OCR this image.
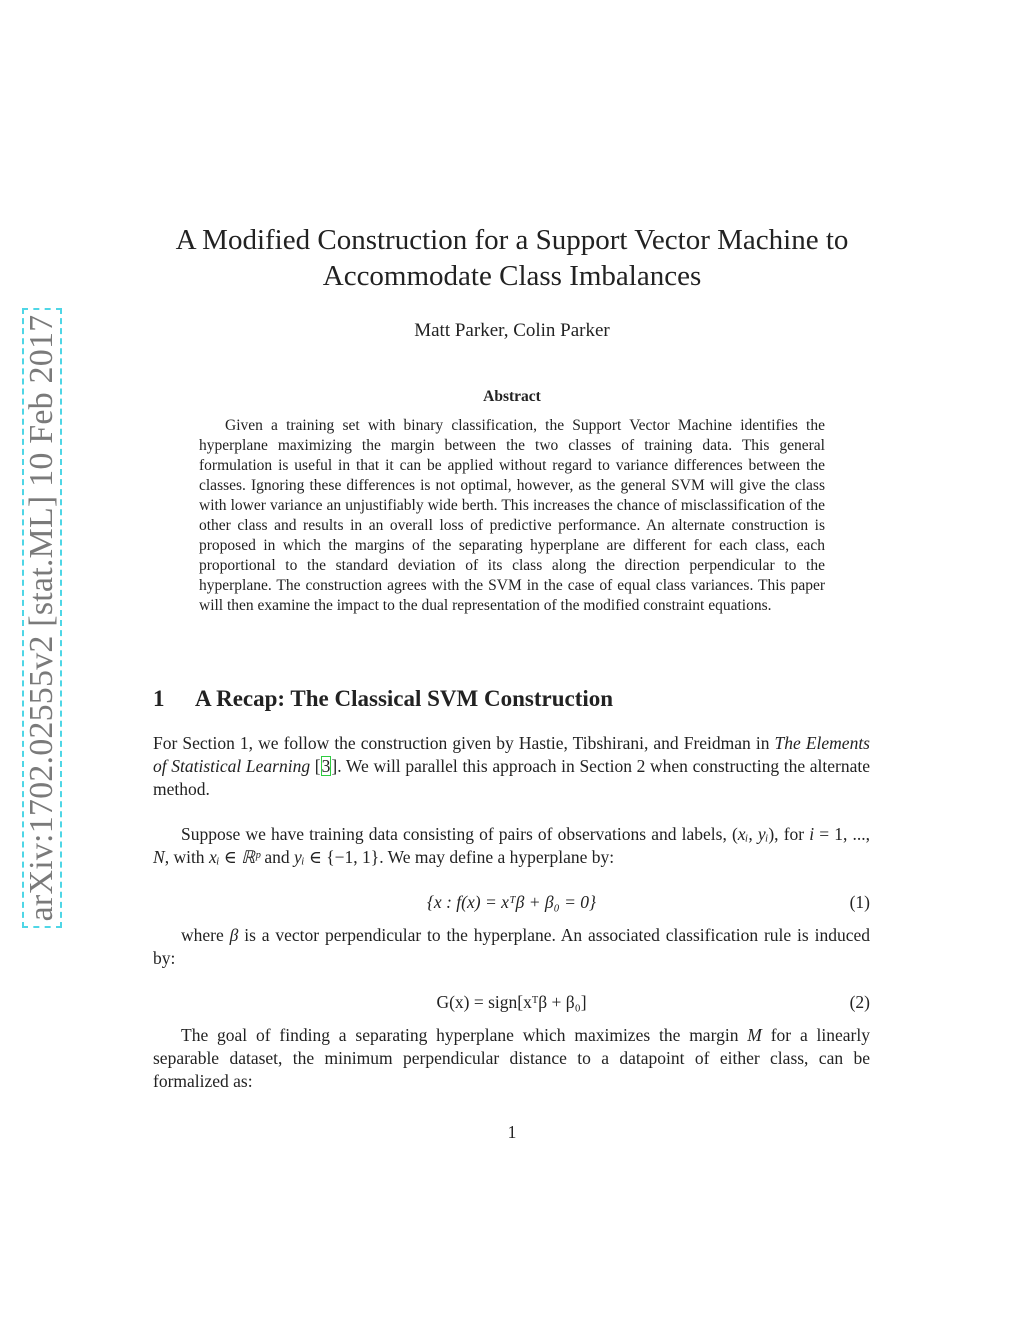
arXiv:1702.02555v2 [stat.ML] 10 Feb 2017
A Modified Construction for a Support Vector Machine to
Accommodate Class Imbalances
Matt Parker, Colin Parker
Abstract

Given a training set with binary classification, the Support Vector Machine identifies the hyperplane maximizing the margin between the two classes of training data. This general formulation is useful in that it can be applied without regard to variance differences between the classes. Ignoring these differences is not optimal, however, as the general SVM will give the class with lower variance an unjustifiably wide berth. This increases the chance of misclassification of the other class and results in an overall loss of predictive performance. An alternate construction is proposed in which the margins of the separating hyperplane are different for each class, each proportional to the standard deviation of its class along the direction perpendicular to the hyperplane. The construction agrees with the SVM in the case of equal class variances. This paper will then examine the impact to the dual representation of the modified constraint equations.

1 A Recap: The Classical SVM Construction

For Section 1, we follow the construction given by Hastie, Tibshirani, and Freidman in The Elements of Statistical Learning [3]. We will parallel this approach in Section 2 when constructing the alternate method.

Suppose we have training data consisting of pairs of observations and labels, (xᵢ, yᵢ), for i = 1, ..., N, with xᵢ ∈ ℝᵖ and yᵢ ∈ {−1, 1}. We may define a hyperplane by:

{x : f(x) = xᵀβ + β₀ = 0}	(1)

where β is a vector perpendicular to the hyperplane. An associated classification rule is induced by:

G(x) = sign[xᵀβ + β₀]	(2)

The goal of finding a separating hyperplane which maximizes the margin M for a linearly separable dataset, the minimum perpendicular distance to a datapoint of either class, can be formalized as:

1
